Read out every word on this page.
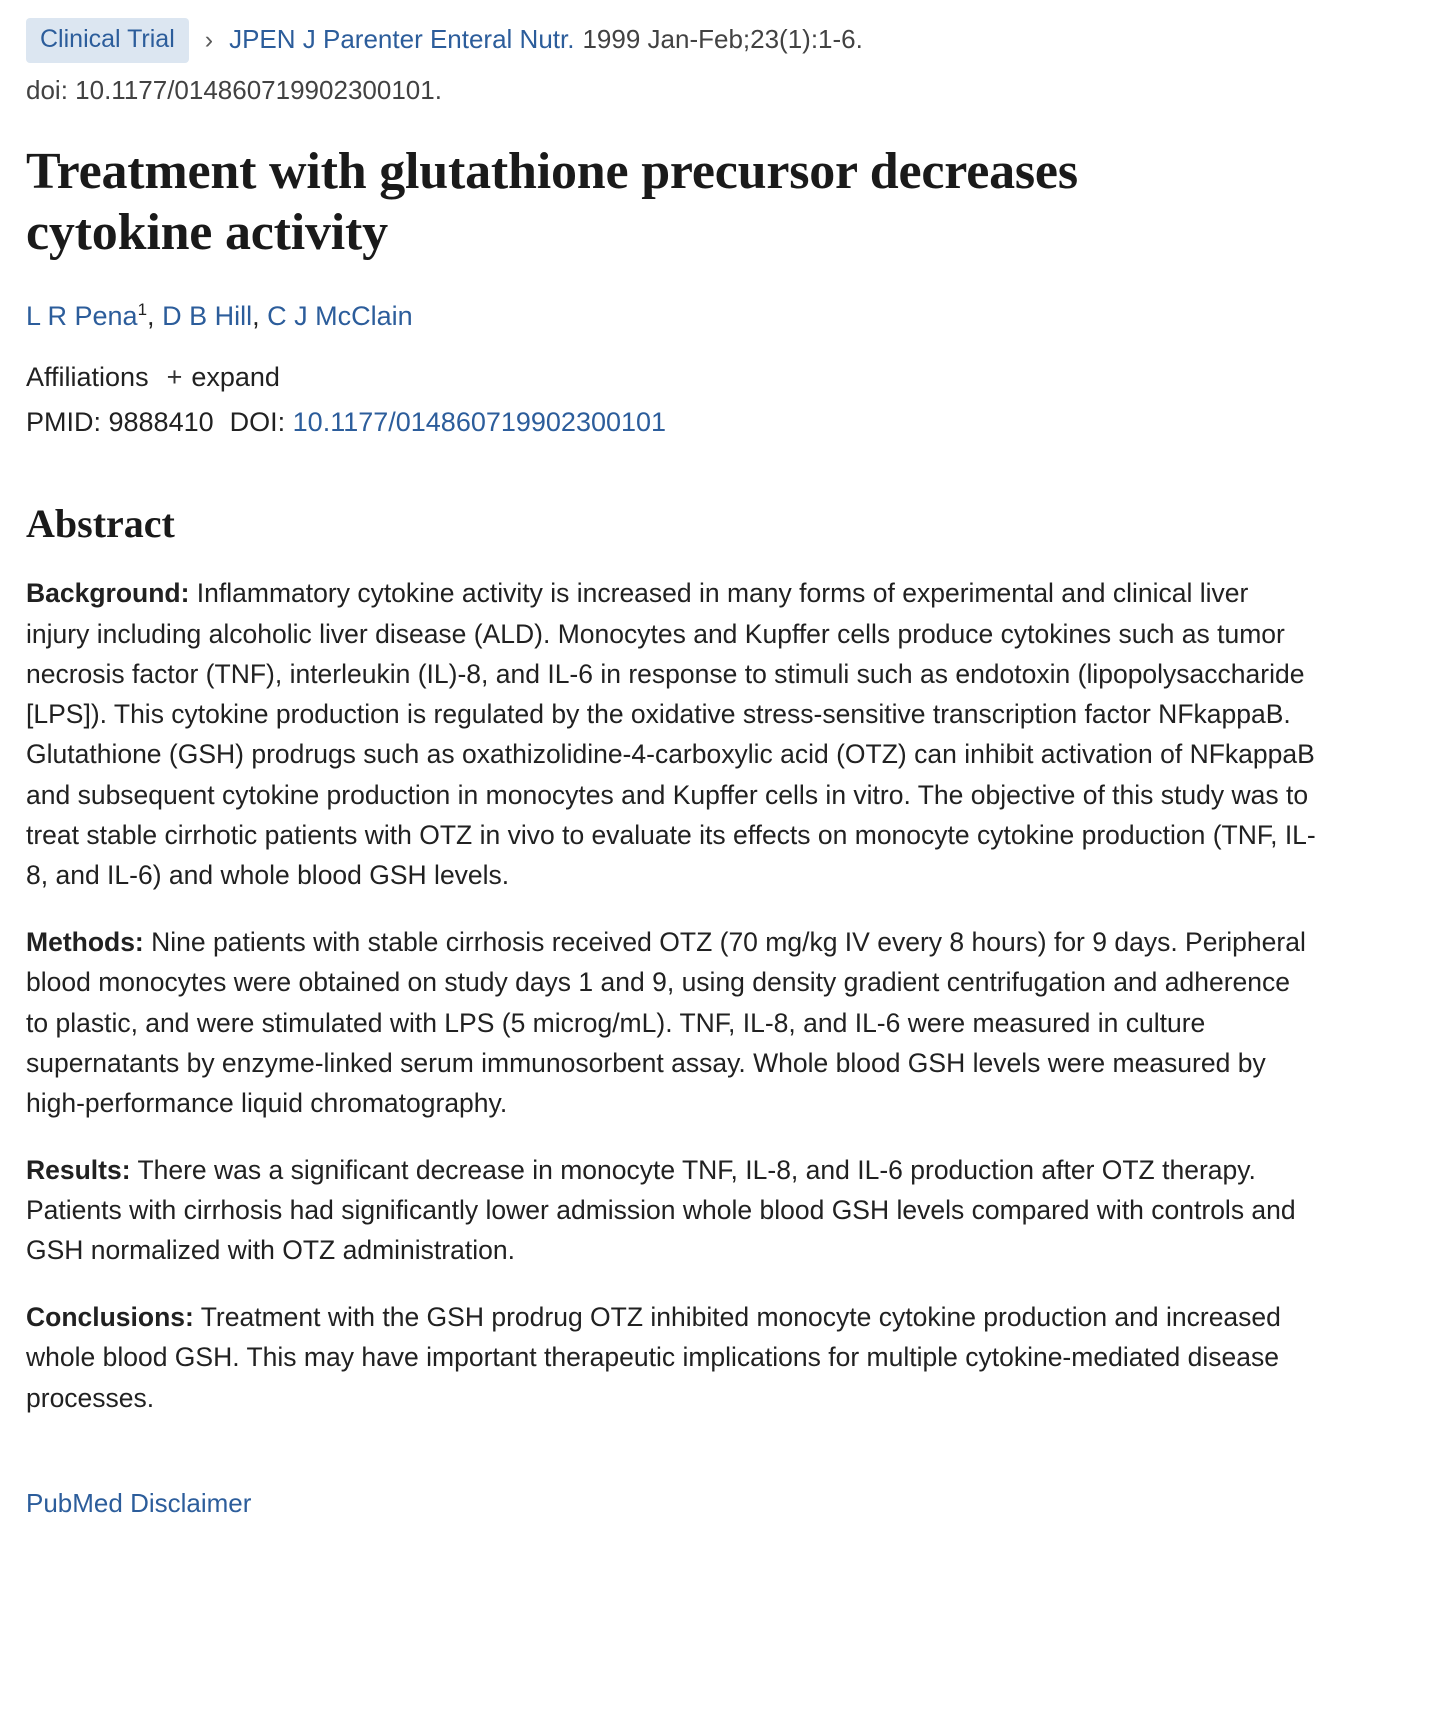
Clinical Trial	› JPEN J Parenter Enteral Nutr. 1999 Jan-Feb;23(1):1-6.
doi: 10.1177/014860719902300101.
Treatment with glutathione precursor decreases cytokine activity
L R Pena$^1$, D B Hill, C J McClain
Affiliations + expand
PMID: 9888410 DOI: 10.1177/014860719902300101
Abstract

Background: Inflammatory cytokine activity is increased in many forms of experimental and clinical liver injury including alcoholic liver disease (ALD). Monocytes and Kupffer cells produce cytokines such as tumor necrosis factor (TNF), interleukin (IL)-8, and IL-6 in response to stimuli such as endotoxin (lipopolysaccharide [LPS]). This cytokine production is regulated by the oxidative stress-sensitive transcription factor NFkappaB. Glutathione (GSH) prodrugs such as oxathizolidine-4-carboxylic acid (OTZ) can inhibit activation of NFkappaB and subsequent cytokine production in monocytes and Kupffer cells in vitro. The objective of this study was to treat stable cirrhotic patients with OTZ in vivo to evaluate its effects on monocyte cytokine production (TNF, IL-8, and IL-6) and whole blood GSH levels.

Methods: Nine patients with stable cirrhosis received OTZ (70 mg/kg IV every 8 hours) for 9 days. Peripheral blood monocytes were obtained on study days 1 and 9, using density gradient centrifugation and adherence to plastic, and were stimulated with LPS (5 microg/mL). TNF, IL-8, and IL-6 were measured in culture supernatants by enzyme-linked serum immunosorbent assay. Whole blood GSH levels were measured by high-performance liquid chromatography.

Results: There was a significant decrease in monocyte TNF, IL-8, and IL-6 production after OTZ therapy. Patients with cirrhosis had significantly lower admission whole blood GSH levels compared with controls and GSH normalized with OTZ administration.

Conclusions: Treatment with the GSH prodrug OTZ inhibited monocyte cytokine production and increased whole blood GSH. This may have important therapeutic implications for multiple cytokine-mediated disease processes.

PubMed Disclaimer
